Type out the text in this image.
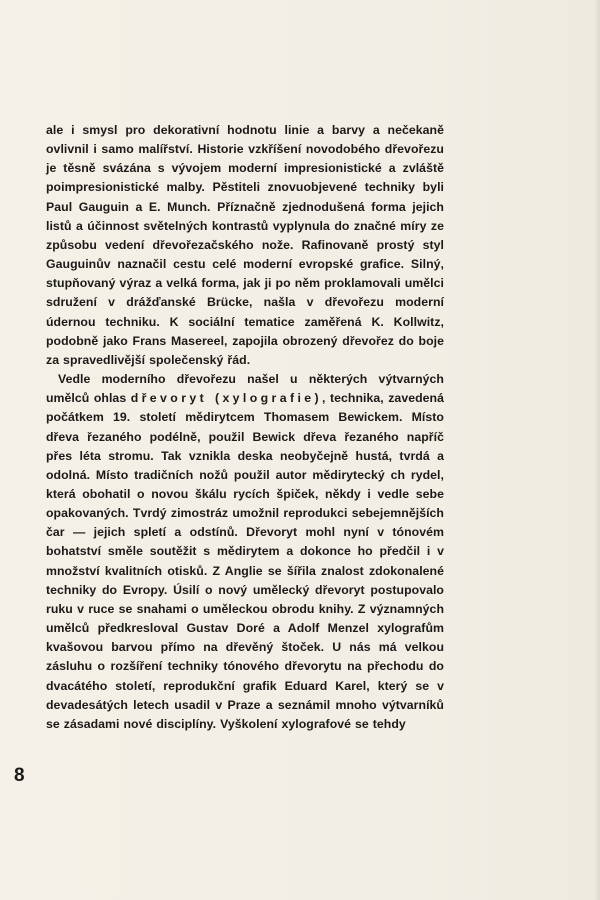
ale i smysl pro dekorativní hodnotu linie a barvy a nečekaně ovlivnil i samo malířství. Historie vzkříšení novodobého dřevořezu je těsně svázána s vývojem moderní impresionistické a zvláště poimpresionistické malby. Pěstiteli znovuobjevené techniky byli Paul Gauguin a E. Munch. Příznačně zjednodušená forma jejich listů a účinnost světelných kontrastů vyplynula do značné míry ze způsobu vedení dřevořezačského nože. Rafinovaně prostý styl Gauguinův naznačil cestu celé moderní evropské grafice. Silný, stupňovaný výraz a velká forma, jak ji po něm proklamovali umělci sdružení v drážďanské Brücke, našla v dřevořezu moderní údernou techniku. K sociální tematice zaměřená K. Kollwitz, podobně jako Frans Masereel, zapojila obrozený dřevořez do boje za spravedlivější společenský řád.

Vedle moderního dřevořezu našel u některých výtvarných umělců ohlas dřevoryt (xylografie), technika, zavedená počátkem 19. století mědirytcem Thomasem Bewickem. Místo dřeva řezaného podélně, použil Bewick dřeva řezaného napříč přes léta stromu. Tak vznikla deska neobyčejně hustá, tvrdá a odolná. Místo tradičních nožů použil autor mědirytecký ch rydel, která obohatil o novou škálu rycích špiček, někdy i vedle sebe opakovaných. Tvrdý zimostráz umožnil reprodukci sebejemnějších čar — jejich spletí a odstínů. Dřevoryt mohl nyní v tónovém bohatství směle soutěžit s mědirytem a dokonce ho předčil i v množství kvalitních otisků. Z Anglie se šířila znalost zdokonalené techniky do Evropy. Úsilí o nový umělecký dřevoryt postupovalo ruku v ruce se snahami o uměleckou obrodu knihy. Z významných umělců předkresloval Gustav Doré a Adolf Menzel xylografům kvašovou barvou přímo na dřevěný štoček. U nás má velkou zásluhu o rozšíření techniky tónového dřevorytu na přechodu do dvacátého století, reprodukční grafik Eduard Karel, který se v devadesátých letech usadil v Praze a seznámil mnoho výtvarníků se zásadami nové disciplíny. Vyškolení xylografové se tehdy

8
